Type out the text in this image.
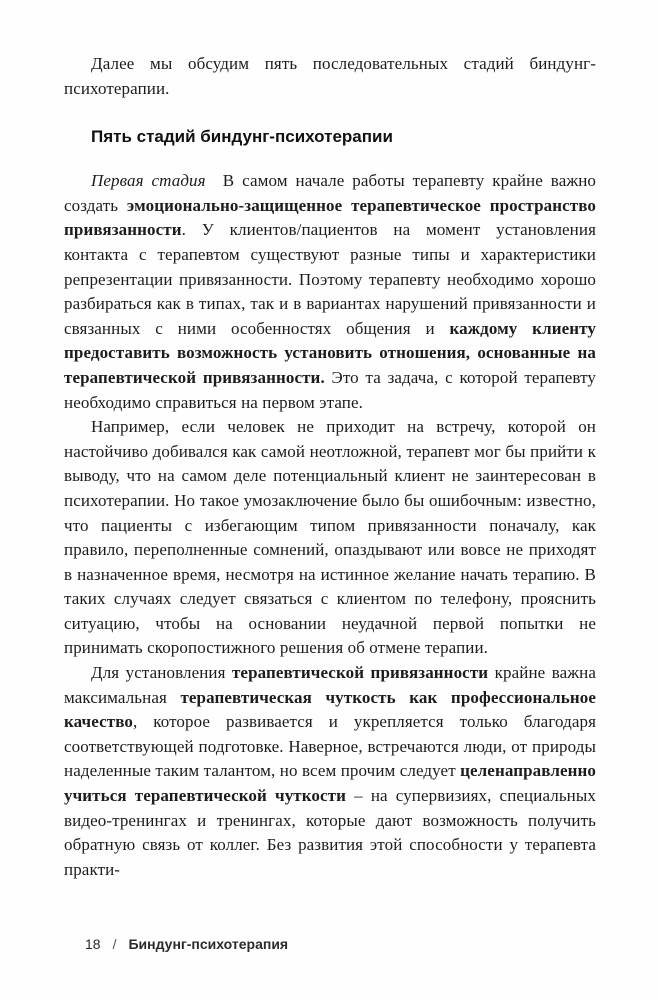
Далее мы обсудим пять последовательных стадий биндунг-психотерапии.

Пять стадий биндунг-психотерапии

Первая стадия В самом начале работы терапевту крайне важно создать эмоционально-защищенное терапевтическое пространство привязанности. У клиентов/пациентов на момент установления контакта с терапевтом существуют разные типы и характеристики репрезентации привязанности. Поэтому терапевту необходимо хорошо разбираться как в типах, так и в вариантах нарушений привязанности и связанных с ними особенностях общения и каждому клиенту предоставить возможность установить отношения, основанные на терапевтической привязанности. Это та задача, с которой терапевту необходимо справиться на первом этапе.

Например, если человек не приходит на встречу, которой он настойчиво добивался как самой неотложной, терапевт мог бы прийти к выводу, что на самом деле потенциальный клиент не заинтересован в психотерапии. Но такое умозаключение было бы ошибочным: известно, что пациенты с избегающим типом привязанности поначалу, как правило, переполненные сомнений, опаздывают или вовсе не приходят в назначенное время, несмотря на истинное желание начать терапию. В таких случаях следует связаться с клиентом по телефону, прояснить ситуацию, чтобы на основании неудачной первой попытки не принимать скоропостижного решения об отмене терапии.

Для установления терапевтической привязанности крайне важна максимальная терапевтическая чуткость как профессиональное качество, которое развивается и укрепляется только благодаря соответствующей подготовке. Наверное, встречаются люди, от природы наделенные таким талантом, но всем прочим следует целенаправленно учиться терапевтической чуткости – на супервизиях, специальных видео-тренингах и тренингах, которые дают возможность получить обратную связь от коллег. Без развития этой способности у терапевта практи-

18 / Биндунг-психотерапия
